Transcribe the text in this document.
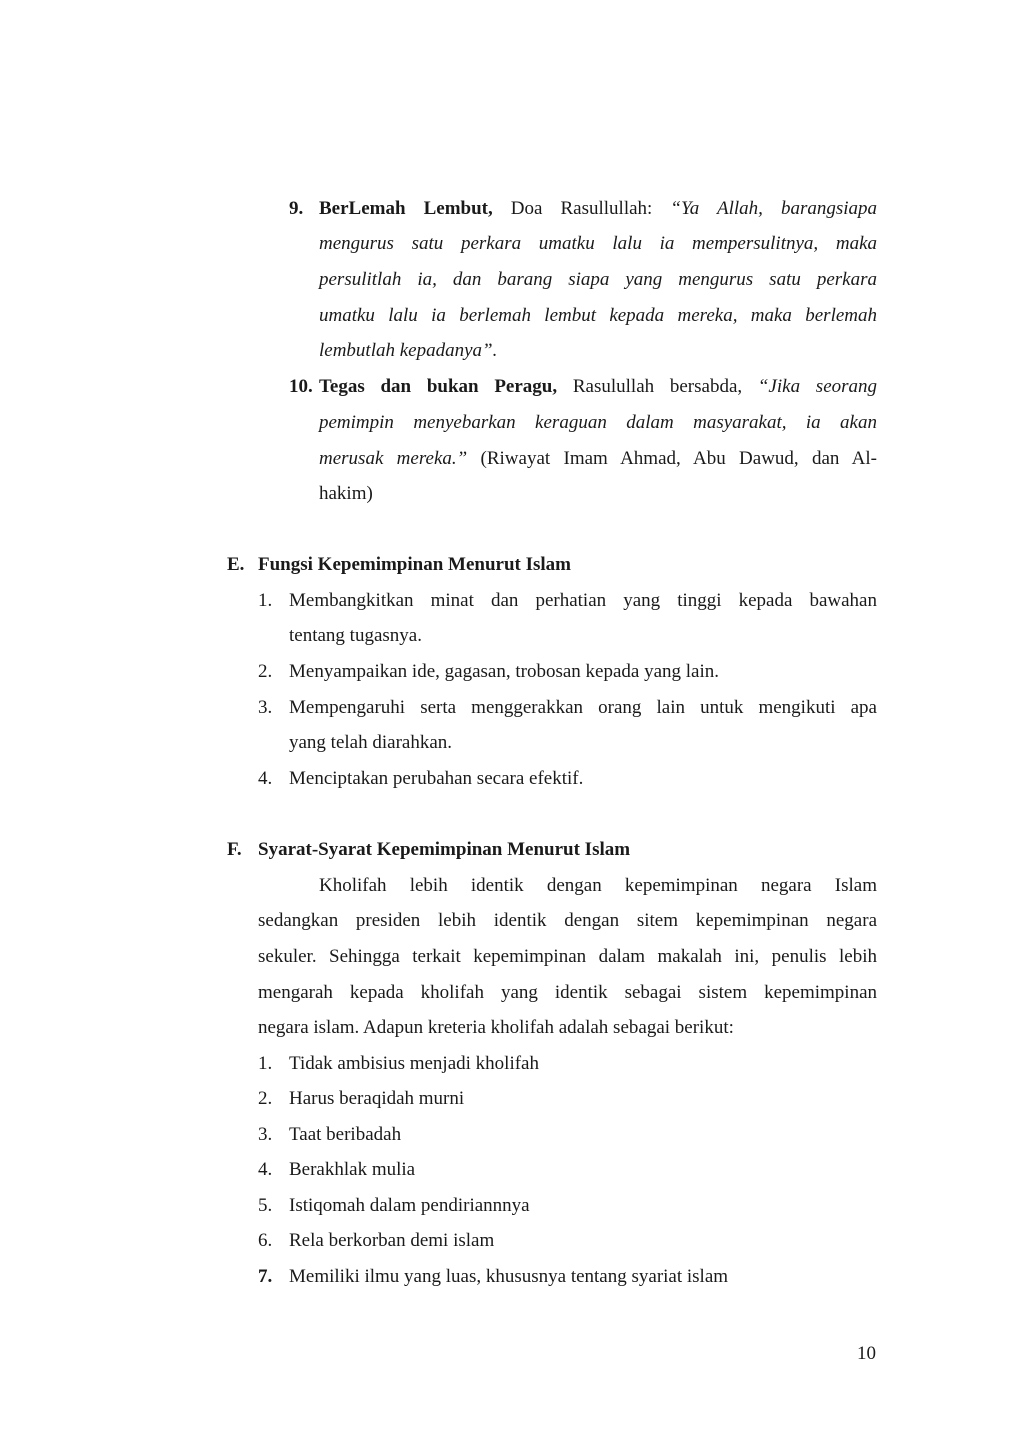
9. BerLemah Lembut, Doa Rasullullah: “Ya Allah, barangsiapa
mengurus satu perkara umatku lalu ia mempersulitnya, maka
persulitlah ia, dan barang siapa yang mengurus satu perkara
umatku lalu ia berlemah lembut kepada mereka, maka berlemah
lembutlah kepadanya”.
10. Tegas dan bukan Peragu, Rasulullah bersabda, “Jika seorang
pemimpin menyebarkan keraguan dalam masyarakat, ia akan
merusak mereka.” (Riwayat Imam Ahmad, Abu Dawud, dan Al-
hakim)
E. Fungsi Kepemimpinan Menurut Islam
1. Membangkitkan minat dan perhatian yang tinggi kepada bawahan
tentang tugasnya.
2. Menyampaikan ide, gagasan, trobosan kepada yang lain.
3. Mempengaruhi serta menggerakkan orang lain untuk mengikuti apa
yang telah diarahkan.
4. Menciptakan perubahan secara efektif.
F. Syarat-Syarat Kepemimpinan Menurut Islam
Kholifah lebih identik dengan kepemimpinan negara Islam
sedangkan presiden lebih identik dengan sitem kepemimpinan negara
sekuler. Sehingga terkait kepemimpinan dalam makalah ini, penulis lebih
mengarah kepada kholifah yang identik sebagai sistem kepemimpinan
negara islam. Adapun kreteria kholifah adalah sebagai berikut:
1. Tidak ambisius menjadi kholifah
2. Harus beraqidah murni
3. Taat beribadah
4. Berakhlak mulia
5. Istiqomah dalam pendiriannnya
6. Rela berkorban demi islam
7. Memiliki ilmu yang luas, khususnya tentang syariat islam
10
